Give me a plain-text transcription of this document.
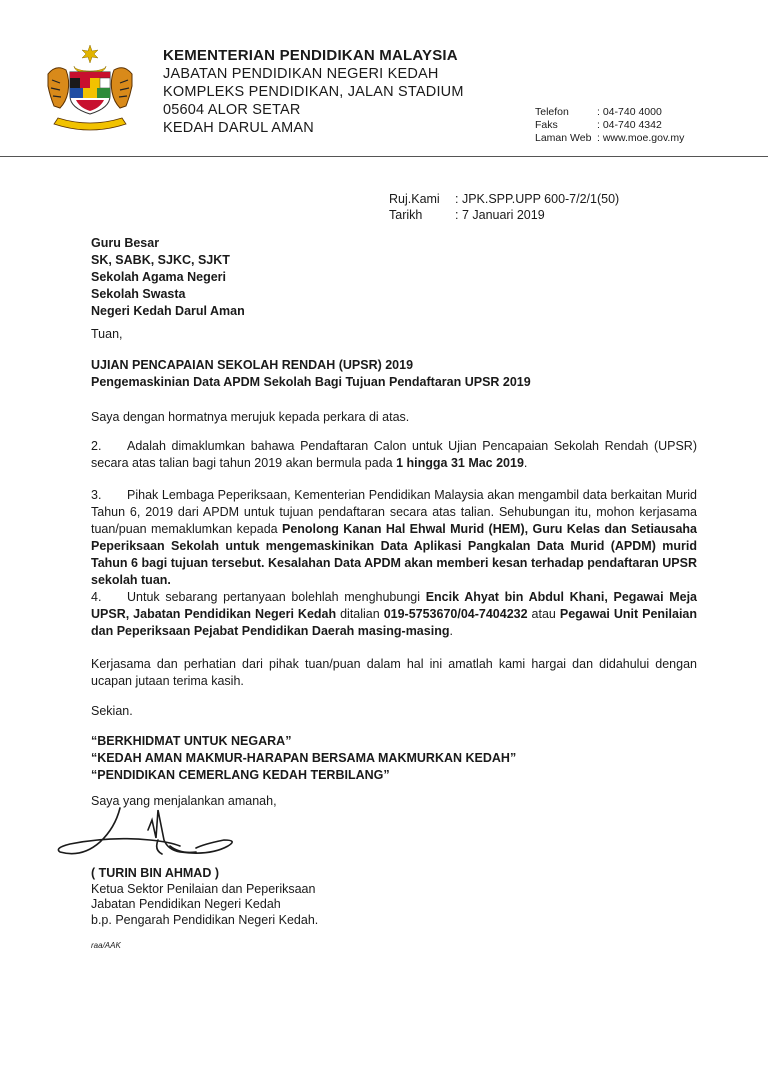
KEMENTERIAN PENDIDIKAN MALAYSIA
JABATAN PENDIDIKAN NEGERI KEDAH
KOMPLEKS PENDIDIKAN, JALAN STADIUM
05604 ALOR SETAR
KEDAH DARUL AMAN
Telefon	: 04-740 4000
Faks	: 04-740 4342
Laman Web	: www.moe.gov.my
Ruj.Kami	: JPK.SPP.UPP 600-7/2/1(50)
Tarikh	: 7 Januari 2019
Guru Besar
SK, SABK, SJKC, SJKT
Sekolah Agama Negeri
Sekolah Swasta
Negeri Kedah Darul Aman
Tuan,
UJIAN PENCAPAIAN SEKOLAH RENDAH (UPSR) 2019
Pengemaskinian Data APDM Sekolah Bagi Tujuan Pendaftaran UPSR 2019
Saya dengan hormatnya merujuk kepada perkara di atas.
2. Adalah dimaklumkan bahawa Pendaftaran Calon untuk Ujian Pencapaian Sekolah Rendah (UPSR) secara atas talian bagi tahun 2019 akan bermula pada 1 hingga 31 Mac 2019.
3. Pihak Lembaga Peperiksaan, Kementerian Pendidikan Malaysia akan mengambil data berkaitan Murid Tahun 6, 2019 dari APDM untuk tujuan pendaftaran secara atas talian. Sehubungan itu, mohon kerjasama tuan/puan memaklumkan kepada Penolong Kanan Hal Ehwal Murid (HEM), Guru Kelas dan Setiausaha Peperiksaan Sekolah untuk mengemaskinikan Data Aplikasi Pangkalan Data Murid (APDM) murid Tahun 6 bagi tujuan tersebut. Kesalahan Data APDM akan memberi kesan terhadap pendaftaran UPSR sekolah tuan.
4. Untuk sebarang pertanyaan bolehlah menghubungi Encik Ahyat bin Abdul Khani, Pegawai Meja UPSR, Jabatan Pendidikan Negeri Kedah ditalian 019-5753670/04-7404232 atau Pegawai Unit Penilaian dan Peperiksaan Pejabat Pendidikan Daerah masing-masing.
Kerjasama dan perhatian dari pihak tuan/puan dalam hal ini amatlah kami hargai dan didahului dengan ucapan jutaan terima kasih.
Sekian.
“BERKHIDMAT UNTUK NEGARA”
“KEDAH AMAN MAKMUR-HARAPAN BERSAMA MAKMURKAN KEDAH”
“PENDIDIKAN CEMERLANG KEDAH TERBILANG”
Saya yang menjalankan amanah,
( TURIN BIN AHMAD )
Ketua Sektor Penilaian dan Peperiksaan
Jabatan Pendidikan Negeri Kedah
b.p. Pengarah Pendidikan Negeri Kedah.
raa/AAK
